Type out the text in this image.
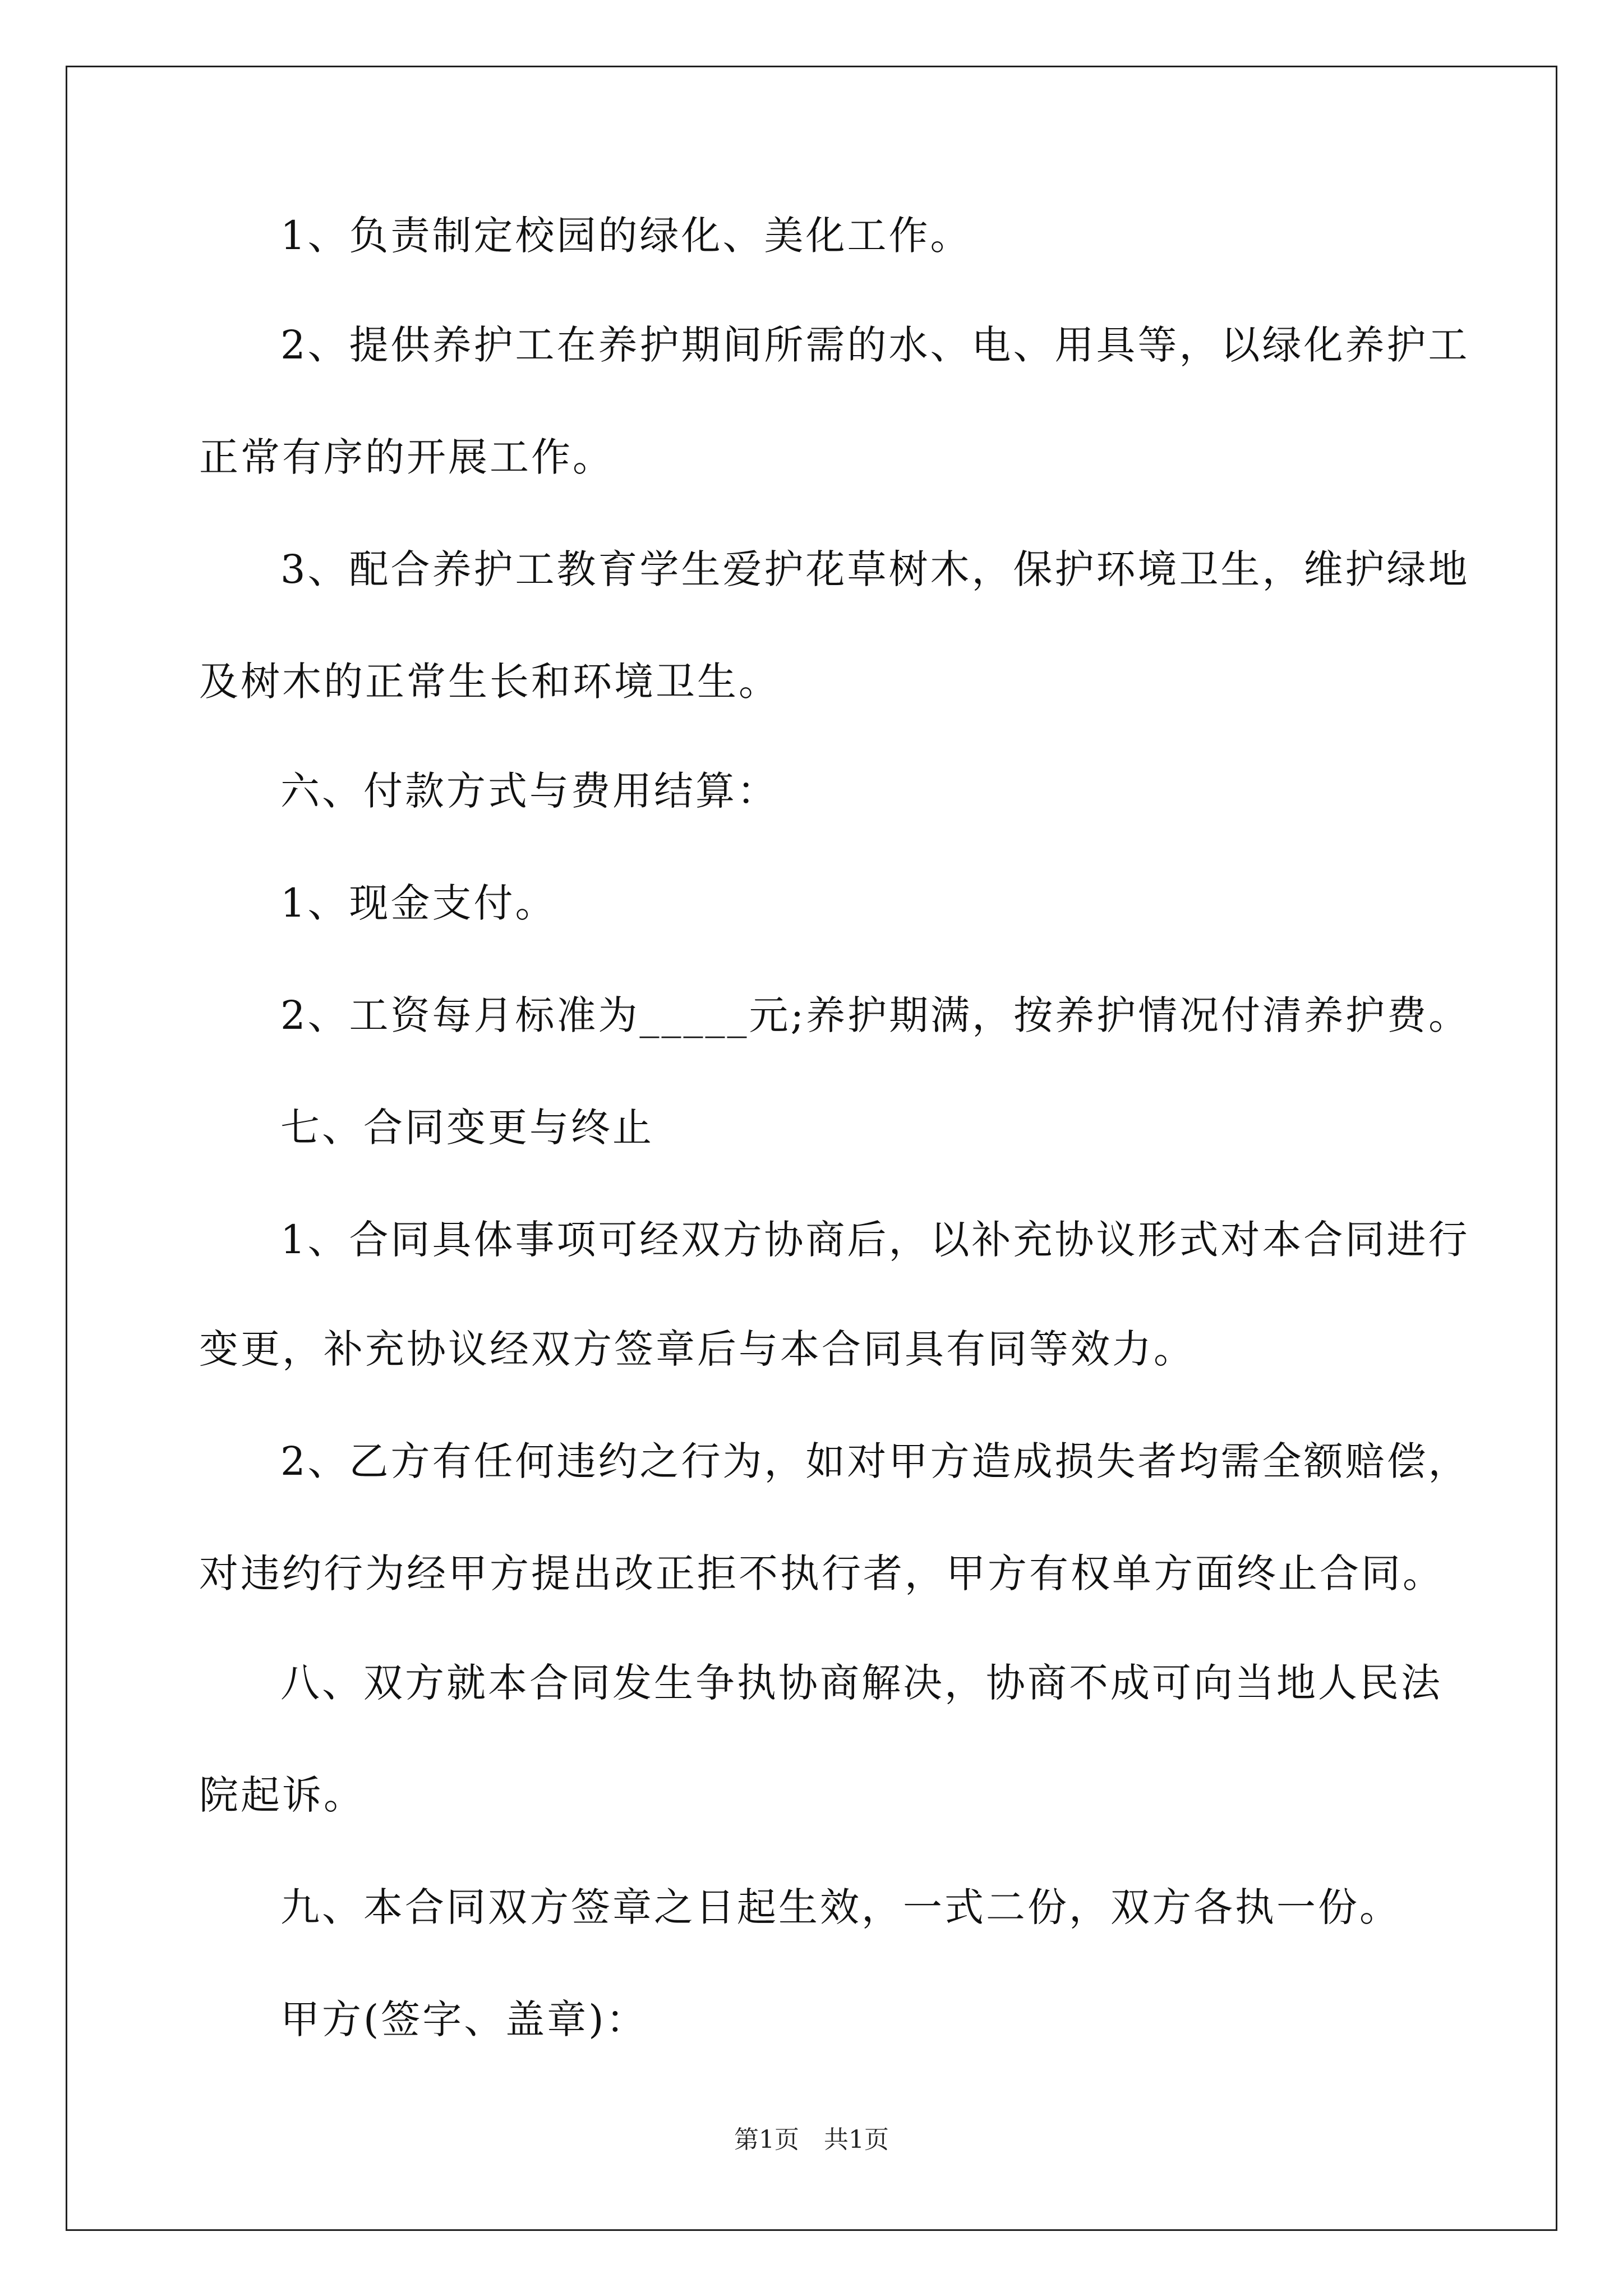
1、负责制定校园的绿化、美化工作。
2、提供养护工在养护期间所需的水、电、用具等，以绿化养护工
正常有序的开展工作。
3、配合养护工教育学生爱护花草树木，保护环境卫生，维护绿地
及树木的正常生长和环境卫生。
六、付款方式与费用结算：
1、现金支付。
2、工资每月标准为_____元;养护期满，按养护情况付清养护费。
七、合同变更与终止
1、合同具体事项可经双方协商后，以补充协议形式对本合同进行
变更，补充协议经双方签章后与本合同具有同等效力。
2、乙方有任何违约之行为，如对甲方造成损失者均需全额赔偿，
对违约行为经甲方提出改正拒不执行者，甲方有权单方面终止合同。
八、双方就本合同发生争执协商解决，协商不成可向当地人民法
院起诉。
九、本合同双方签章之日起生效，一式二份，双方各执一份。
甲方(签字、盖章)：
第1页　共1页
